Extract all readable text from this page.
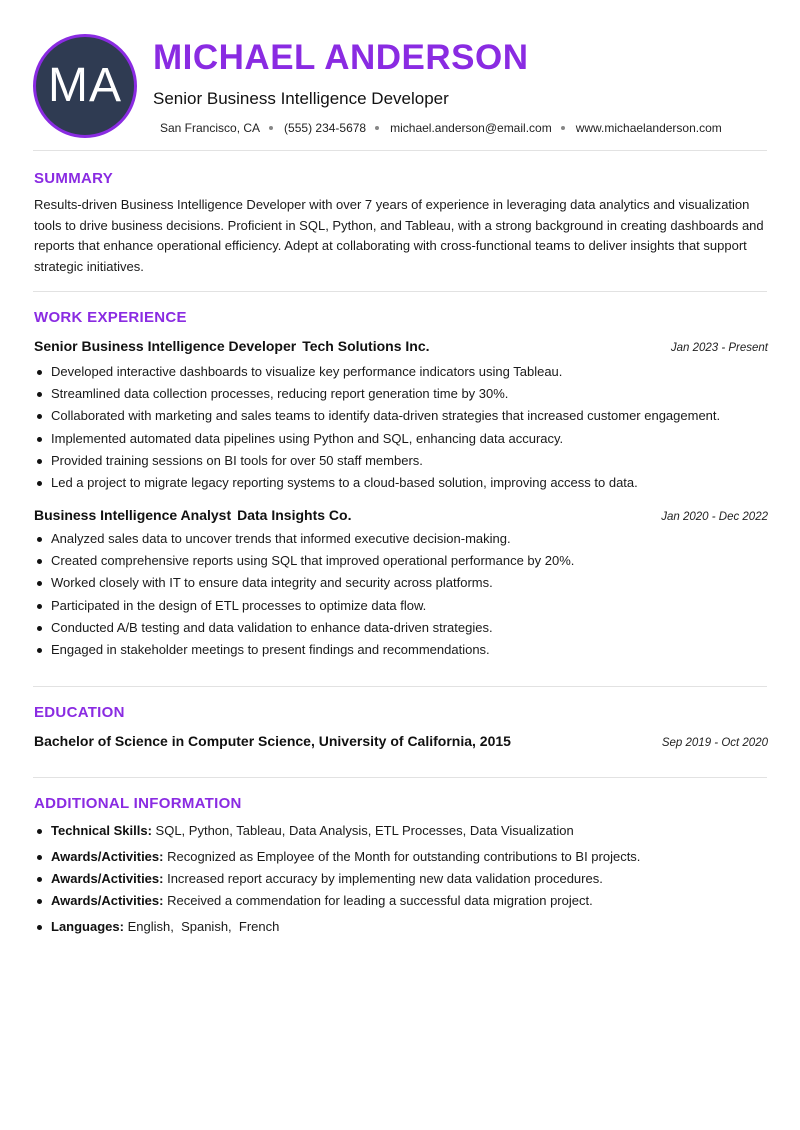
MA
MICHAEL ANDERSON
Senior Business Intelligence Developer
San Francisco, CA (555) 234-5678 michael.anderson@email.com www.michaelanderson.com
SUMMARY
Results-driven Business Intelligence Developer with over 7 years of experience in leveraging data analytics and visualization tools to drive business decisions. Proficient in SQL, Python, and Tableau, with a strong background in creating dashboards and reports that enhance operational efficiency. Adept at collaborating with cross-functional teams to deliver insights that support strategic initiatives.
WORK EXPERIENCE
Senior Business Intelligence Developer Tech Solutions Inc.	Jan 2023 - Present
Developed interactive dashboards to visualize key performance indicators using Tableau.
Streamlined data collection processes, reducing report generation time by 30%.
Collaborated with marketing and sales teams to identify data-driven strategies that increased customer engagement.
Implemented automated data pipelines using Python and SQL, enhancing data accuracy.
Provided training sessions on BI tools for over 50 staff members.
Led a project to migrate legacy reporting systems to a cloud-based solution, improving access to data.
Business Intelligence Analyst Data Insights Co.	Jan 2020 - Dec 2022
Analyzed sales data to uncover trends that informed executive decision-making.
Created comprehensive reports using SQL that improved operational performance by 20%.
Worked closely with IT to ensure data integrity and security across platforms.
Participated in the design of ETL processes to optimize data flow.
Conducted A/B testing and data validation to enhance data-driven strategies.
Engaged in stakeholder meetings to present findings and recommendations.
EDUCATION
Bachelor of Science in Computer Science, University of California, 2015	Sep 2019 - Oct 2020
ADDITIONAL INFORMATION
Technical Skills: SQL, Python, Tableau, Data Analysis, ETL Processes, Data Visualization
Awards/Activities: Recognized as Employee of the Month for outstanding contributions to BI projects.
Awards/Activities: Increased report accuracy by implementing new data validation procedures.
Awards/Activities: Received a commendation for leading a successful data migration project.
Languages: English,  Spanish,  French
